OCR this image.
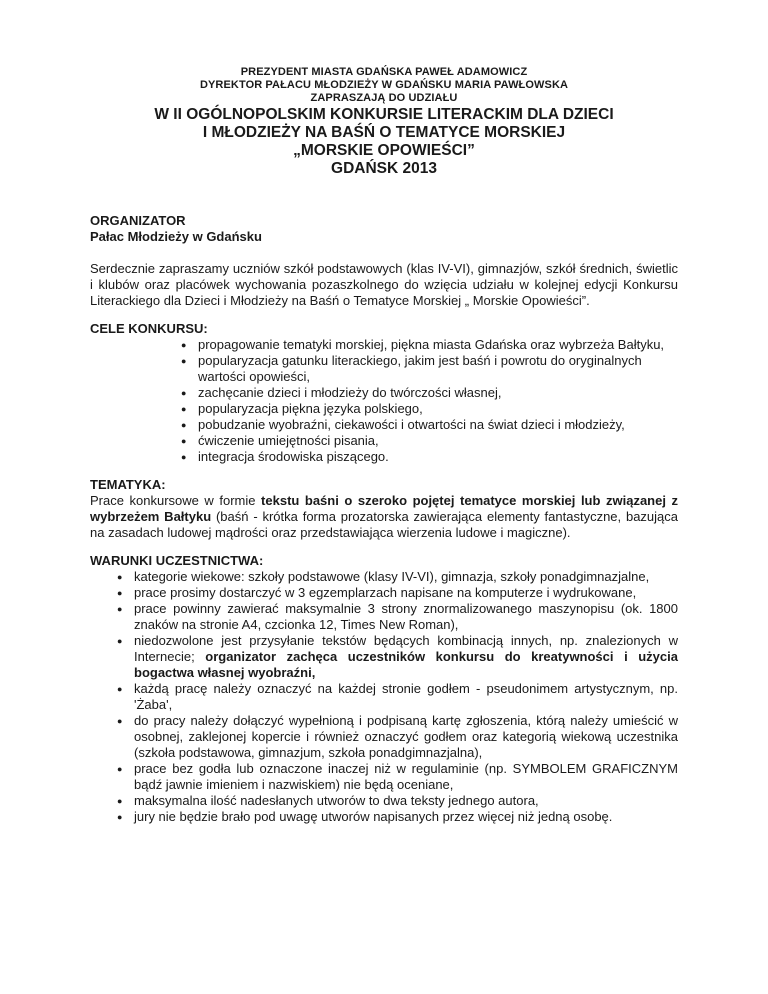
PREZYDENT MIASTA GDAŃSKA PAWEŁ ADAMOWICZ
DYREKTOR PAŁACU MŁODZIEŻY W GDAŃSKU MARIA PAWŁOWSKA
ZAPRASZAJĄ DO UDZIAŁU
W II OGÓLNOPOLSKIM KONKURSIE LITERACKIM DLA DZIECI
I MŁODZIEŻY NA BAŚŃ O TEMATYCE MORSKIEJ
„MORSKIE OPOWIEŚCI”
GDAŃSK 2013
ORGANIZATOR
Pałac Młodzieży w Gdańsku
Serdecznie zapraszamy uczniów szkół podstawowych (klas IV-VI), gimnazjów, szkół średnich, świetlic i klubów oraz placówek wychowania pozaszkolnego do wzięcia udziału w kolejnej edycji Konkursu Literackiego dla Dzieci i Młodzieży na Baśń o Tematyce Morskiej „ Morskie Opowieści”.
CELE KONKURSU:
● propagowanie tematyki morskiej, piękna miasta Gdańska oraz wybrzeża Bałtyku,
● popularyzacja gatunku literackiego, jakim jest baśń i powrotu do oryginalnych wartości opowieści,
● zachęcanie dzieci i młodzieży do twórczości własnej,
● popularyzacja piękna języka polskiego,
● pobudzanie wyobraźni, ciekawości i otwartości na świat dzieci i młodzieży,
● ćwiczenie umiejętności pisania,
● integracja środowiska piszącego.
TEMATYKA:
Prace konkursowe w formie tekstu baśni o szeroko pojętej tematyce morskiej lub związanej z wybrzeżem Bałtyku (baśń - krótka forma prozatorska zawierająca elementy fantastyczne, bazująca na zasadach ludowej mądrości oraz przedstawiająca wierzenia ludowe i magiczne).
WARUNKI UCZESTNICTWA:
● kategorie wiekowe: szkoły podstawowe (klasy IV-VI), gimnazja, szkoły ponadgimnazjalne,
● prace prosimy dostarczyć w 3 egzemplarzach napisane na komputerze i wydrukowane,
● prace powinny zawierać maksymalnie 3 strony znormalizowanego maszynopisu (ok. 1800 znaków na stronie A4, czcionka 12, Times New Roman),
● niedozwolone jest przysyłanie tekstów będących kombinacją innych, np. znalezionych w Internecie; organizator zachęca uczestników konkursu do kreatywności i użycia bogactwa własnej wyobraźni,
● każdą pracę należy oznaczyć na każdej stronie godłem - pseudonimem artystycznym, np. 'Żaba',
● do pracy należy dołączyć wypełnioną i podpisaną kartę zgłoszenia, którą należy umieścić w osobnej, zaklejonej kopercie i również oznaczyć godłem oraz kategorią wiekową uczestnika (szkoła podstawowa, gimnazjum, szkoła ponadgimnazjalna),
● prace bez godła lub oznaczone inaczej niż w regulaminie (np. SYMBOLEM GRAFICZNYM bądź jawnie imieniem i nazwiskiem) nie będą oceniane,
● maksymalna ilość nadesłanych utworów to dwa teksty jednego autora,
● jury nie będzie brało pod uwagę utworów napisanych przez więcej niż jedną osobę.
